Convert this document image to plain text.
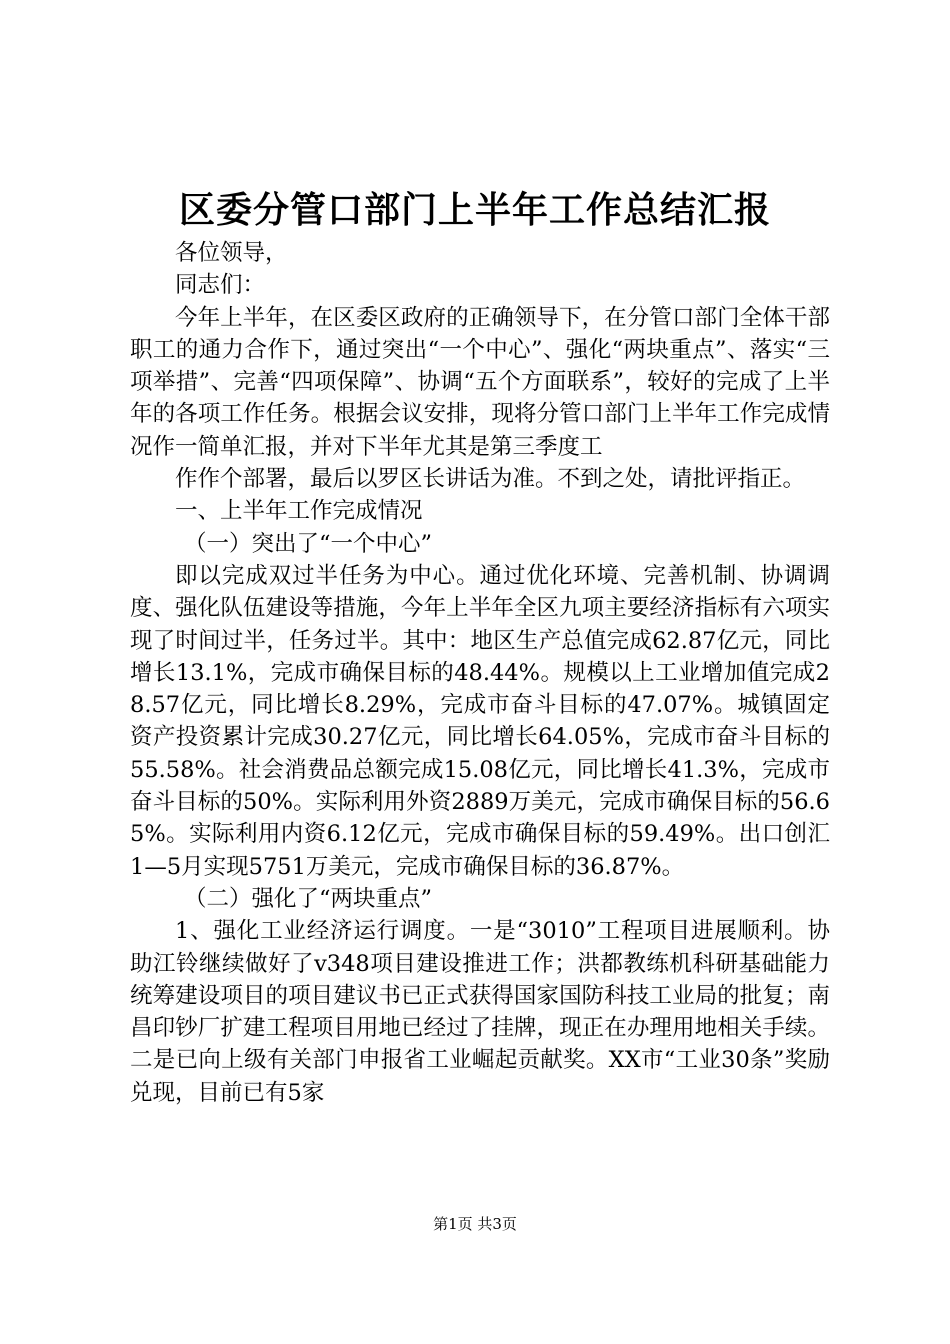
区委分管口部门上半年工作总结汇报

各位领导，

同志们：

今年上半年，在区委区政府的正确领导下，在分管口部门全体干部职工的通力合作下，通过突出“一个中心”、强化“两块重点”、落实“三项举措”、完善“四项保障”、协调“五个方面联系”，较好的完成了上半年的各项工作任务。根据会议安排，现将分管口部门上半年工作完成情况作一简单汇报，并对下半年尤其是第三季度工

作作个部署，最后以罗区长讲话为准。不到之处，请批评指正。

一、上半年工作完成情况

（一）突出了“一个中心”

即以完成双过半任务为中心。通过优化环境、完善机制、协调调度、强化队伍建设等措施，今年上半年全区九项主要经济指标有六项实现了时间过半，任务过半。其中：地区生产总值完成62.87亿元，同比增长13.1%，完成市确保目标的48.44%。规模以上工业增加值完成28.57亿元，同比增长8.29%，完成市奋斗目标的47.07%。城镇固定资产投资累计完成30.27亿元，同比增长64.05%，完成市奋斗目标的55.58%。社会消费品总额完成15.08亿元，同比增长41.3%，完成市奋斗目标的50%。实际利用外资2889万美元，完成市确保目标的56.65%。实际利用内资6.12亿元，完成市确保目标的59.49%。出口创汇1—5月实现5751万美元，完成市确保目标的36.87%。

（二）强化了“两块重点”

1、强化工业经济运行调度。一是“3010”工程项目进展顺利。协助江铃继续做好了v348项目建设推进工作；洪都教练机科研基础能力统筹建设项目的项目建议书已正式获得国家国防科技工业局的批复；南昌印钞厂扩建工程项目用地已经过了挂牌，现正在办理用地相关手续。二是已向上级有关部门申报省工业崛起贡献奖。XX市“工业30条”奖励兑现，目前已有5家

第1页 共3页
